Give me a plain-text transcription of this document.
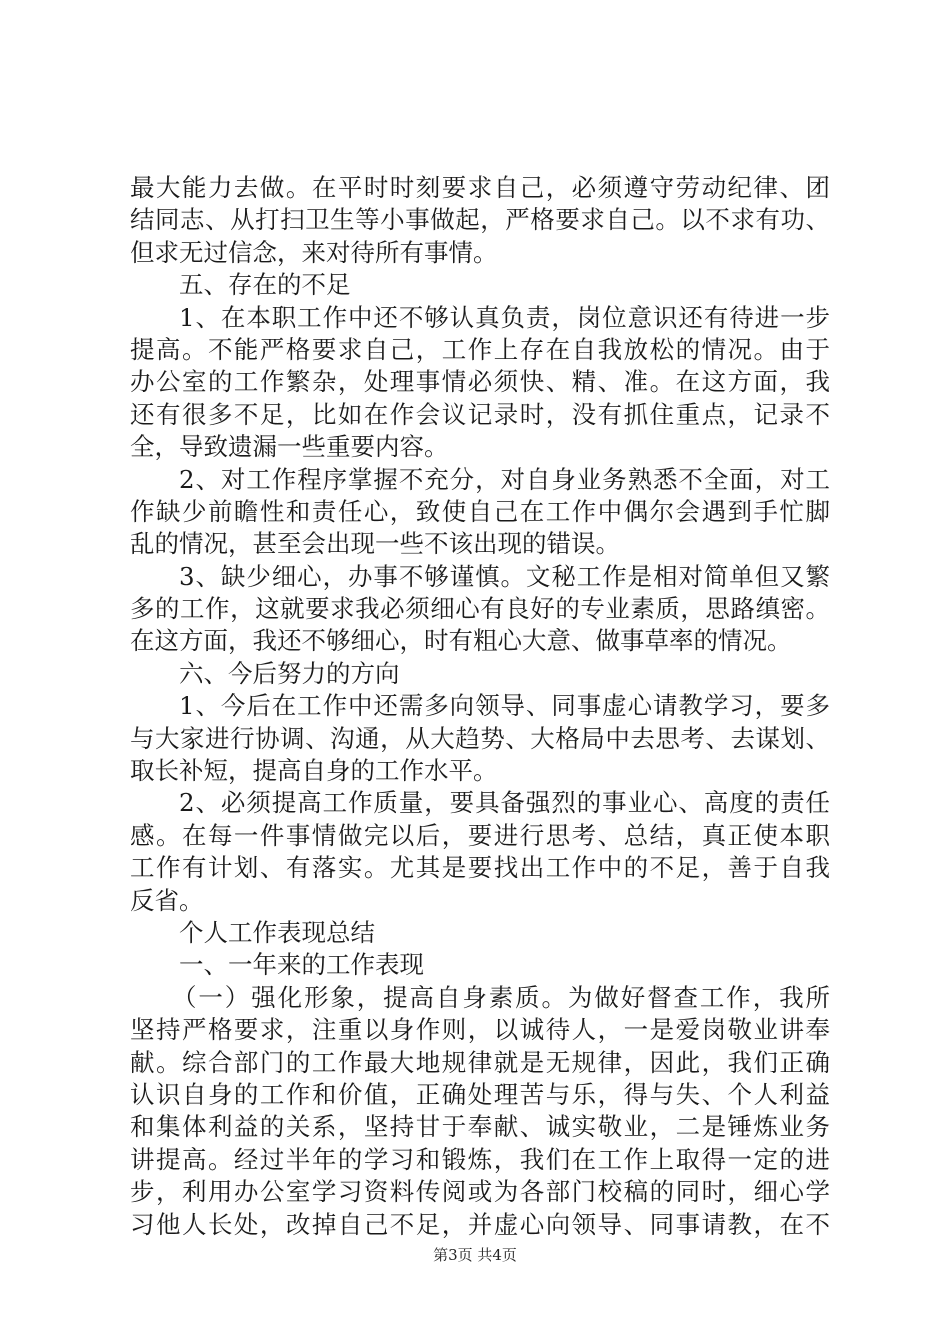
最大能力去做。在平时时刻要求自己，必须遵守劳动纪律、团
结同志、从打扫卫生等小事做起，严格要求自己。以不求有功、
但求无过信念，来对待所有事情。
五、存在的不足
1、在本职工作中还不够认真负责，岗位意识还有待进一步
提高。不能严格要求自己，工作上存在自我放松的情况。由于
办公室的工作繁杂，处理事情必须快、精、准。在这方面，我
还有很多不足，比如在作会议记录时，没有抓住重点，记录不
全，导致遗漏一些重要内容。
2、对工作程序掌握不充分，对自身业务熟悉不全面，对工
作缺少前瞻性和责任心，致使自己在工作中偶尔会遇到手忙脚
乱的情况，甚至会出现一些不该出现的错误。
3、缺少细心，办事不够谨慎。文秘工作是相对简单但又繁
多的工作，这就要求我必须细心有良好的专业素质，思路缜密。
在这方面，我还不够细心，时有粗心大意、做事草率的情况。
六、今后努力的方向
1、今后在工作中还需多向领导、同事虚心请教学习，要多
与大家进行协调、沟通，从大趋势、大格局中去思考、去谋划、
取长补短，提高自身的工作水平。
2、必须提高工作质量，要具备强烈的事业心、高度的责任
感。在每一件事情做完以后，要进行思考、总结，真正使本职
工作有计划、有落实。尤其是要找出工作中的不足，善于自我
反省。
个人工作表现总结
一、一年来的工作表现
（一）强化形象，提高自身素质。为做好督查工作，我所
坚持严格要求，注重以身作则，以诚待人，一是爱岗敬业讲奉
献。综合部门的工作最大地规律就是无规律，因此，我们正确
认识自身的工作和价值，正确处理苦与乐，得与失、个人利益
和集体利益的关系，坚持甘于奉献、诚实敬业，二是锤炼业务
讲提高。经过半年的学习和锻炼，我们在工作上取得一定的进
步，利用办公室学习资料传阅或为各部门校稿的同时，细心学
习他人长处，改掉自己不足，并虚心向领导、同事请教，在不
第3页 共4页
